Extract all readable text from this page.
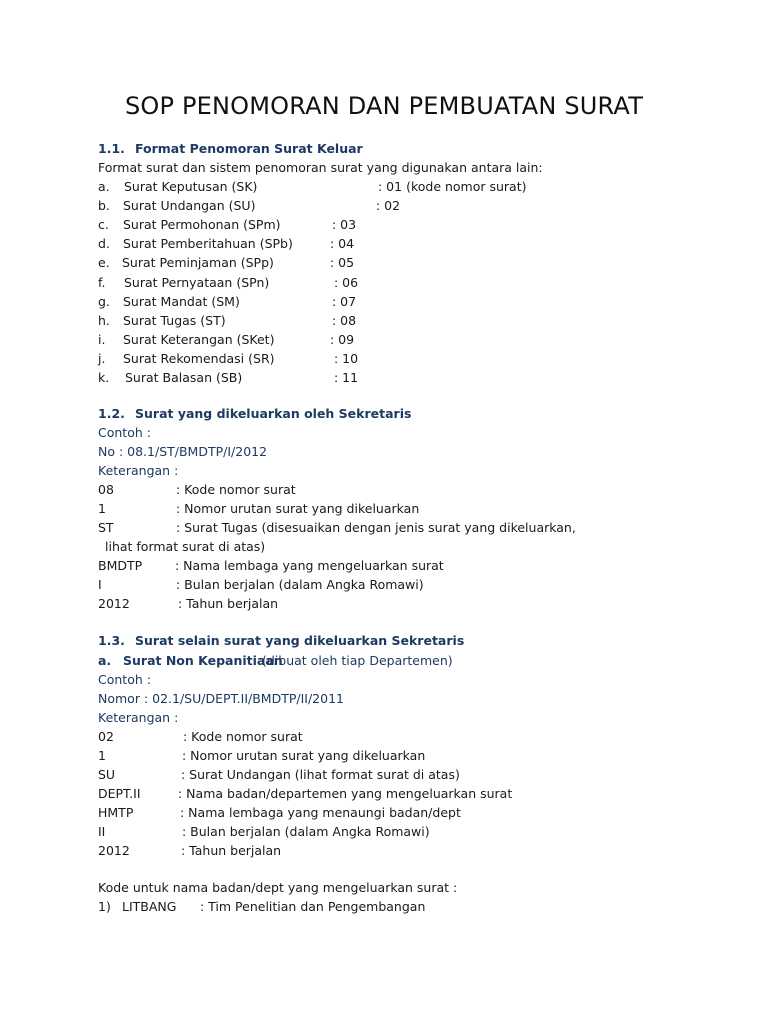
SOP PENOMORAN DAN PEMBUATAN SURAT
1.1. Format Penomoran Surat Keluar
Format surat dan sistem penomoran surat yang digunakan antara lain:
a. Surat Keputusan (SK)	: 01 (kode nomor surat)
b. Surat Undangan (SU)	: 02
c. Surat Permohonan (SPm)	: 03
d. Surat Pemberitahuan (SPb)	: 04
e. Surat Peminjaman (SPp)	: 05
f. Surat Pernyataan (SPn)	: 06
g. Surat Mandat (SM)	: 07
h. Surat Tugas (ST)	: 08
i. Surat Keterangan (SKet)	: 09
j. Surat Rekomendasi (SR)	: 10
k. Surat Balasan (SB)	: 11
1.2. Surat yang dikeluarkan oleh Sekretaris
Contoh :
No : 08.1/ST/BMDTP/I/2012
Keterangan :
08	: Kode nomor surat
1	: Nomor urutan surat yang dikeluarkan
ST	: Surat Tugas (disesuaikan dengan jenis surat yang dikeluarkan,
lihat format surat di atas)
BMDTP	: Nama lembaga yang mengeluarkan surat
I	: Bulan berjalan (dalam Angka Romawi)
2012	: Tahun berjalan
1.3. Surat selain surat yang dikeluarkan Sekretaris
a. Surat Non Kepanitiaan
(dibuat oleh tiap Departemen)
Contoh :
Nomor : 02.1/SU/DEPT.II/BMDTP/II/2011
Keterangan :
02	: Kode nomor surat
1	: Nomor urutan surat yang dikeluarkan
SU	: Surat Undangan (lihat format surat di atas)
DEPT.II	: Nama badan/departemen yang mengeluarkan surat
HMTP	: Nama lembaga yang menaungi badan/dept
II	: Bulan berjalan (dalam Angka Romawi)
2012	: Tahun berjalan
Kode untuk nama badan/dept yang mengeluarkan surat :
1) LITBANG : Tim Penelitian dan Pengembangan
